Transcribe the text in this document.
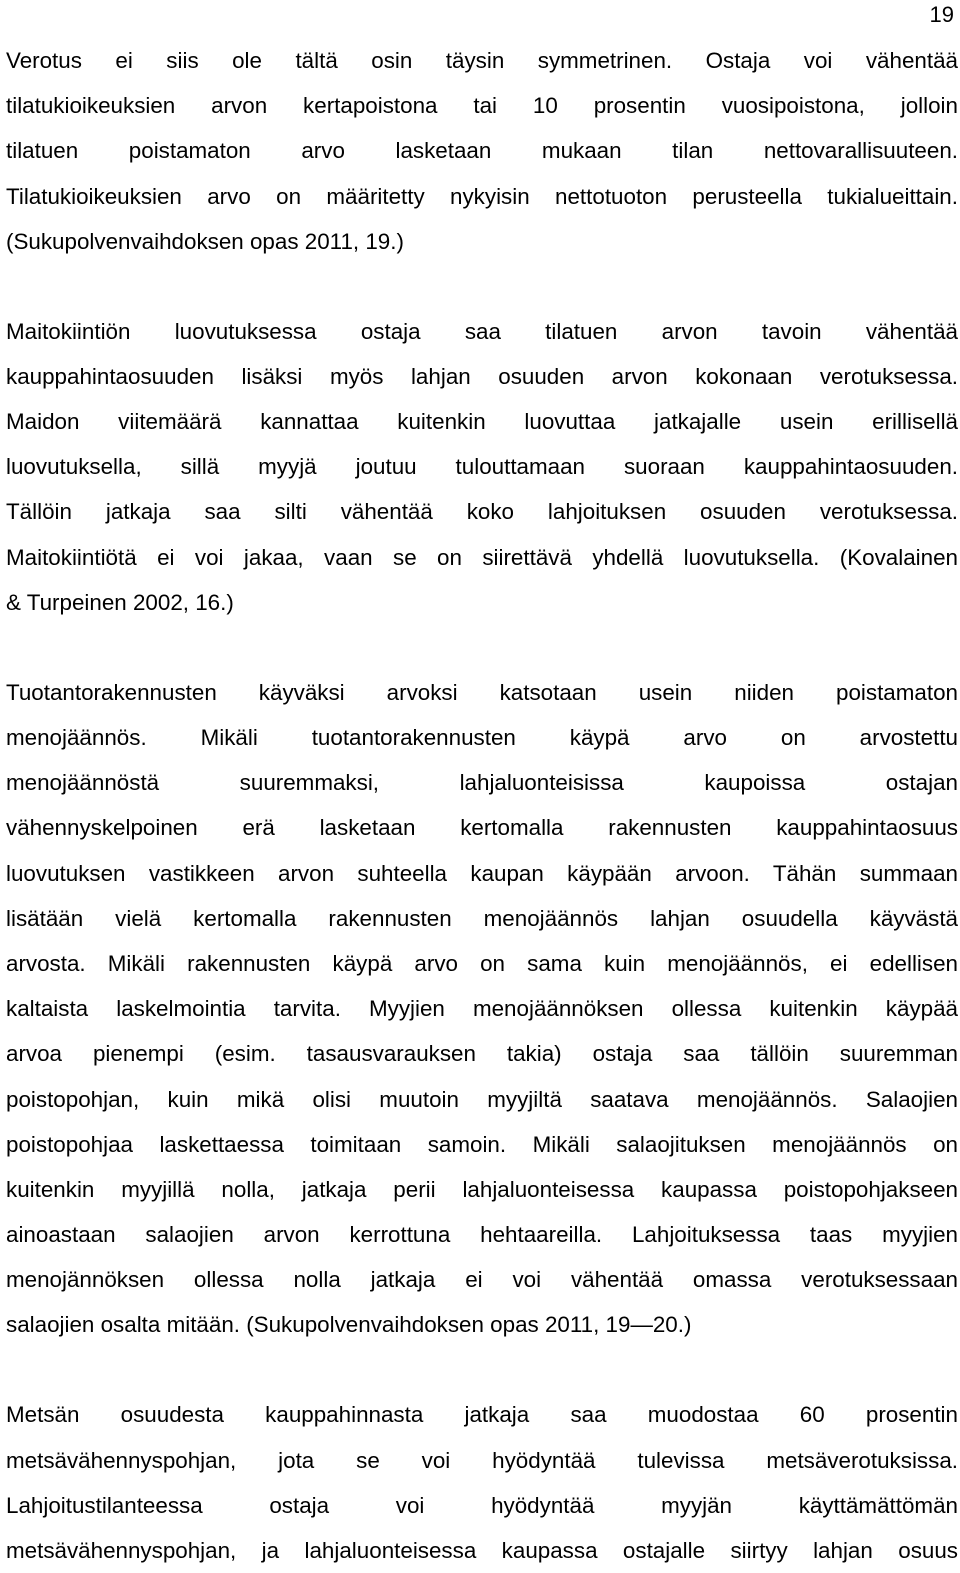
19

Verotus ei siis ole tältä osin täysin symmetrinen. Ostaja voi vähentää
tilatukioikeuksien arvon kertapoistona tai 10 prosentin vuosipoistona, jolloin
tilatuen poistamaton arvo lasketaan mukaan tilan nettovarallisuuteen.
Tilatukioikeuksien arvo on määritetty nykyisin nettotuoton perusteella tukialueittain.
(Sukupolvenvaihdoksen opas 2011, 19.)

Maitokiintiön luovutuksessa ostaja saa tilatuen arvon tavoin vähentää
kauppahintaosuuden lisäksi myös lahjan osuuden arvon kokonaan verotuksessa.
Maidon viitemäärä kannattaa kuitenkin luovuttaa jatkajalle usein erillisellä
luovutuksella, sillä myyjä joutuu tulouttamaan suoraan kauppahintaosuuden.
Tällöin jatkaja saa silti vähentää koko lahjoituksen osuuden verotuksessa.
Maitokiintiötä ei voi jakaa, vaan se on siirettävä yhdellä luovutuksella. (Kovalainen
& Turpeinen 2002, 16.)

Tuotantorakennusten käyväksi arvoksi katsotaan usein niiden poistamaton
menojäännös. Mikäli tuotantorakennusten käypä arvo on arvostettu
menojäännöstä suuremmaksi, lahjaluonteisissa kaupoissa ostajan
vähennyskelpoinen erä lasketaan kertomalla rakennusten kauppahintaosuus
luovutuksen vastikkeen arvon suhteella kaupan käypään arvoon. Tähän summaan
lisätään vielä kertomalla rakennusten menojäännös lahjan osuudella käyvästä
arvosta. Mikäli rakennusten käypä arvo on sama kuin menojäännös, ei edellisen
kaltaista laskelmointia tarvita. Myyjien menojäännöksen ollessa kuitenkin käypää
arvoa pienempi (esim. tasausvarauksen takia) ostaja saa tällöin suuremman
poistopohjan, kuin mikä olisi muutoin myyjiltä saatava menojäännös. Salaojien
poistopohjaa laskettaessa toimitaan samoin. Mikäli salaojituksen menojäännös on
kuitenkin myyjillä nolla, jatkaja perii lahjaluonteisessa kaupassa poistopohjakseen
ainoastaan salaojien arvon kerrottuna hehtaareilla. Lahjoituksessa taas myyjien
menojännöksen ollessa nolla jatkaja ei voi vähentää omassa verotuksessaan
salaojien osalta mitään. (Sukupolvenvaihdoksen opas 2011, 19—20.)

Metsän osuudesta kauppahinnasta jatkaja saa muodostaa 60 prosentin
metsävähennyspohjan, jota se voi hyödyntää tulevissa metsäverotuksissa.
Lahjoitustilanteessa ostaja voi hyödyntää myyjän käyttämättömän
metsävähennyspohjan, ja lahjaluonteisessa kaupassa ostajalle siirtyy lahjan osuus
